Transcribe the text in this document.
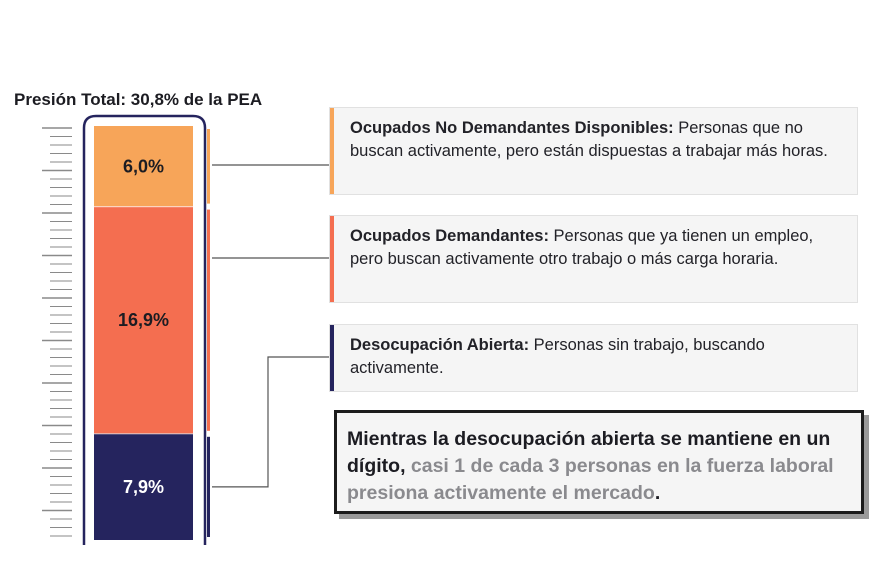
Presión Total: 30,8% de la PEA
6,0%
16,9%
7,9%
Ocupados No Demandantes Disponibles: Personas que no buscan activamente, pero están dispuestas a trabajar más horas.
Ocupados Demandantes: Personas que ya tienen un empleo, pero buscan activamente otro trabajo o más carga horaria.
Desocupación Abierta: Personas sin trabajo, buscando activamente.
Mientras la desocupación abierta se mantiene en un dígito, casi 1 de cada 3 personas en la fuerza laboral presiona activamente el mercado.
